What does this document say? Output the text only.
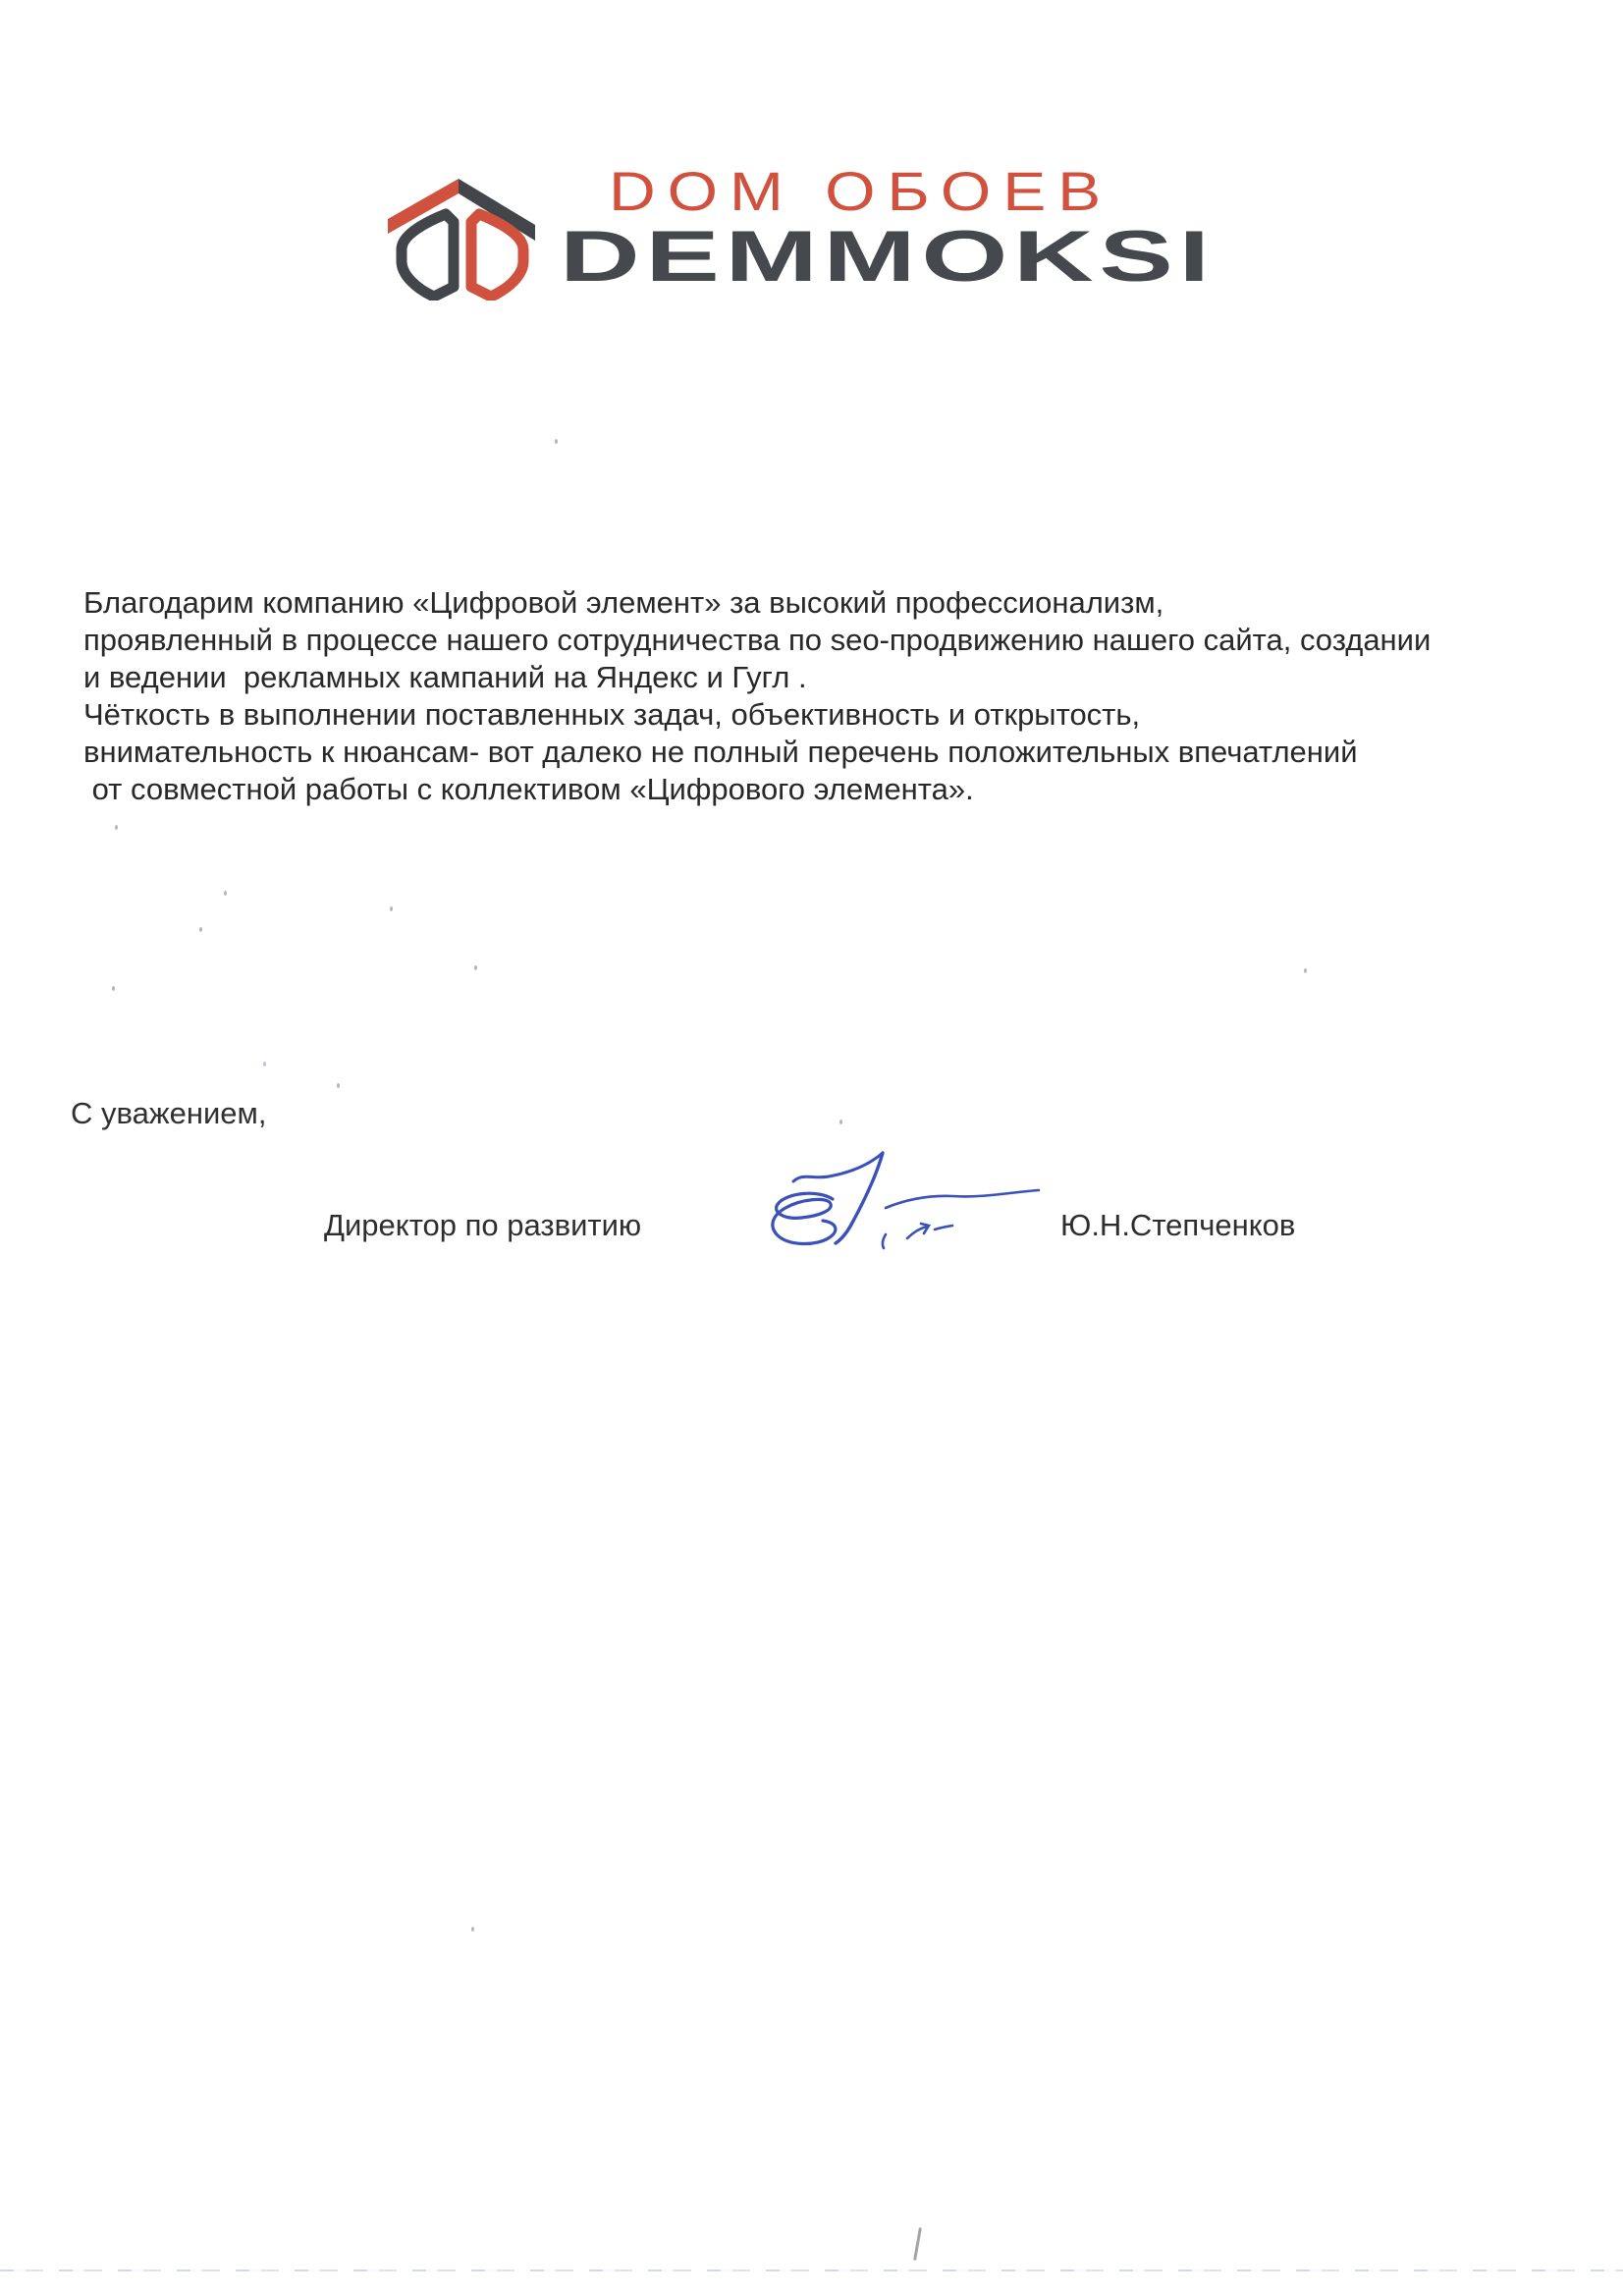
DOM ОБОЕВ
DEMMOKSI
Благодарим компанию «Цифровой элемент» за высокий профессионализм,
проявленный в процессе нашего сотрудничества по seo-продвижению нашего сайта, создании
и ведении  рекламных кампаний на Яндекс и Гугл .
Чёткость в выполнении поставленных задач, объективность и открытость,
внимательность к нюансам- вот далеко не полный перечень положительных впечатлений
от совместной работы с коллективом «Цифрового элемента».
С уважением,
Директор по развитию	Ю.Н.Степченков
